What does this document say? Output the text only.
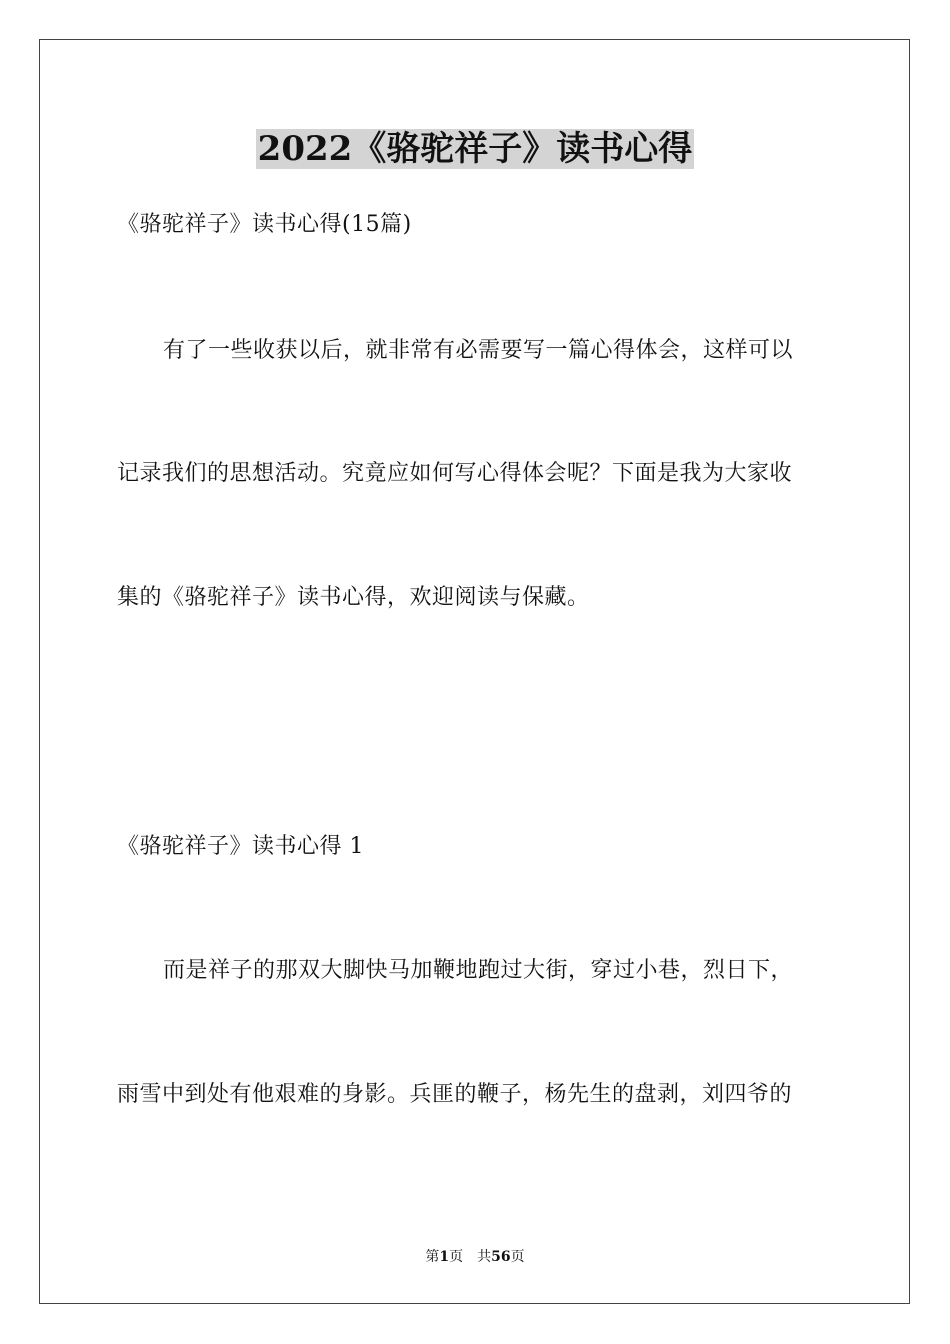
2022《骆驼祥子》读书心得
《骆驼祥子》读书心得(15篇)
有了一些收获以后，就非常有必需要写一篇心得体会，这样可以
记录我们的思想活动。究竟应如何写心得体会呢？下面是我为大家收
集的《骆驼祥子》读书心得，欢迎阅读与保藏。
《骆驼祥子》读书心得 1
而是祥子的那双大脚快马加鞭地跑过大街，穿过小巷，烈日下，
雨雪中到处有他艰难的身影。兵匪的鞭子，杨先生的盘剥，刘四爷的
第1页　共56页
